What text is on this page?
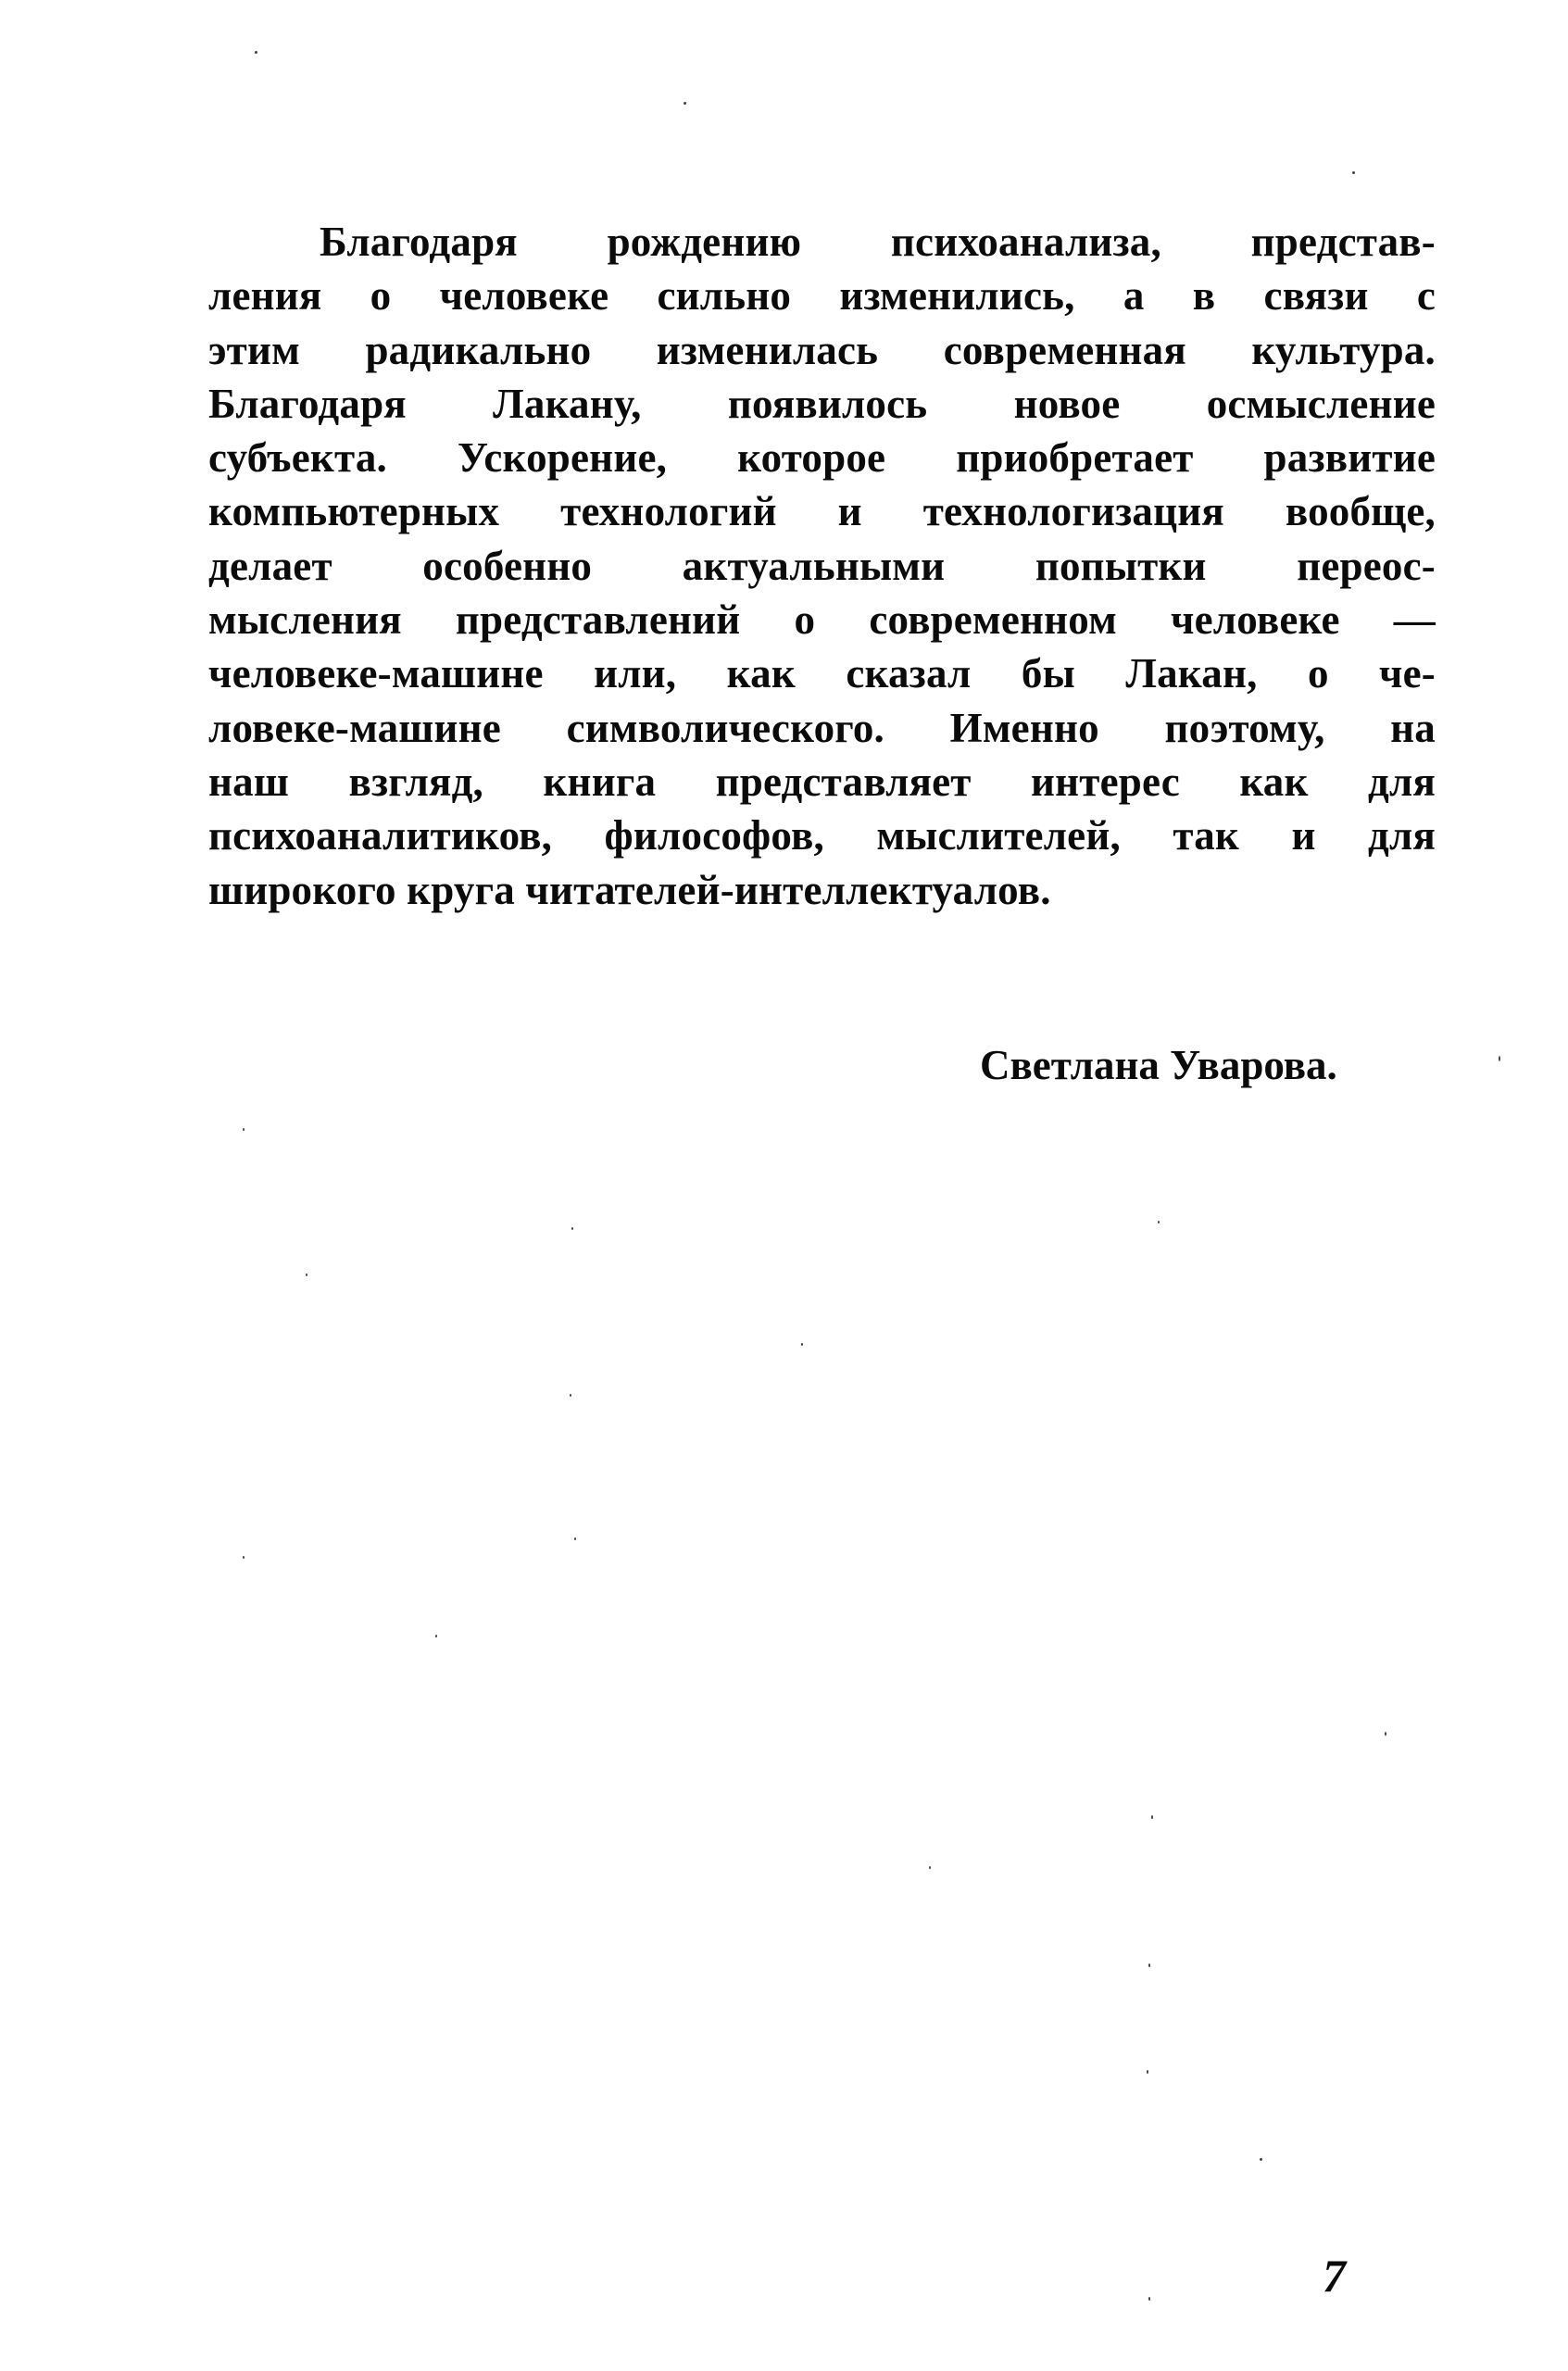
Благодаря рождению психоанализа, представ-
ления о человеке сильно изменились, а в связи с
этим радикально изменилась современная культура.
Благодаря Лакану, появилось новое осмысление
субъекта. Ускорение, которое приобретает развитие
компьютерных технологий и технологизация вообще,
делает особенно актуальными попытки переос-
мысления представлений о современном человеке —
человеке-машине или, как сказал бы Лакан, о че-
ловеке-машине символического. Именно поэтому, на
наш взгляд, книга представляет интерес как для
психоаналитиков, философов, мыслителей, так и для
широкого круга читателей-интеллектуалов.
Светлана Уварова.
7
